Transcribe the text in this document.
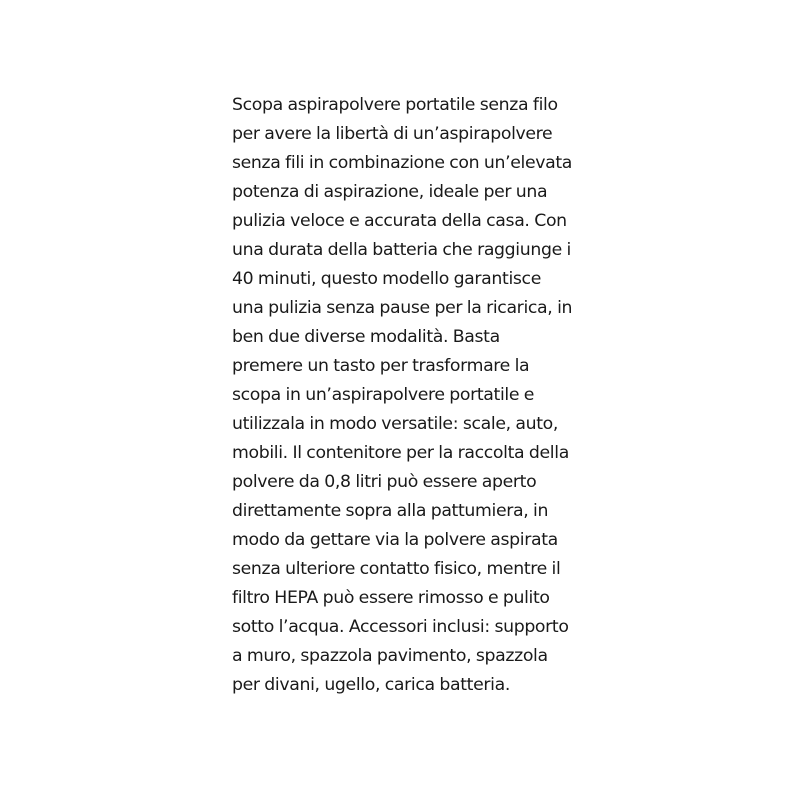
Scopa aspirapolvere portatile senza filo
per avere la libertà di un’aspirapolvere
senza fili in combinazione con un’elevata
potenza di aspirazione, ideale per una
pulizia veloce e accurata della casa. Con
una durata della batteria che raggiunge i
40 minuti, questo modello garantisce
una pulizia senza pause per la ricarica, in
ben due diverse modalità. Basta
premere un tasto per trasformare la
scopa in un’aspirapolvere portatile e
utilizzala in modo versatile: scale, auto,
mobili. Il contenitore per la raccolta della
polvere da 0,8 litri può essere aperto
direttamente sopra alla pattumiera, in
modo da gettare via la polvere aspirata
senza ulteriore contatto fisico, mentre il
filtro HEPA può essere rimosso e pulito
sotto l’acqua. Accessori inclusi: supporto
a muro, spazzola pavimento, spazzola
per divani, ugello, carica batteria.
